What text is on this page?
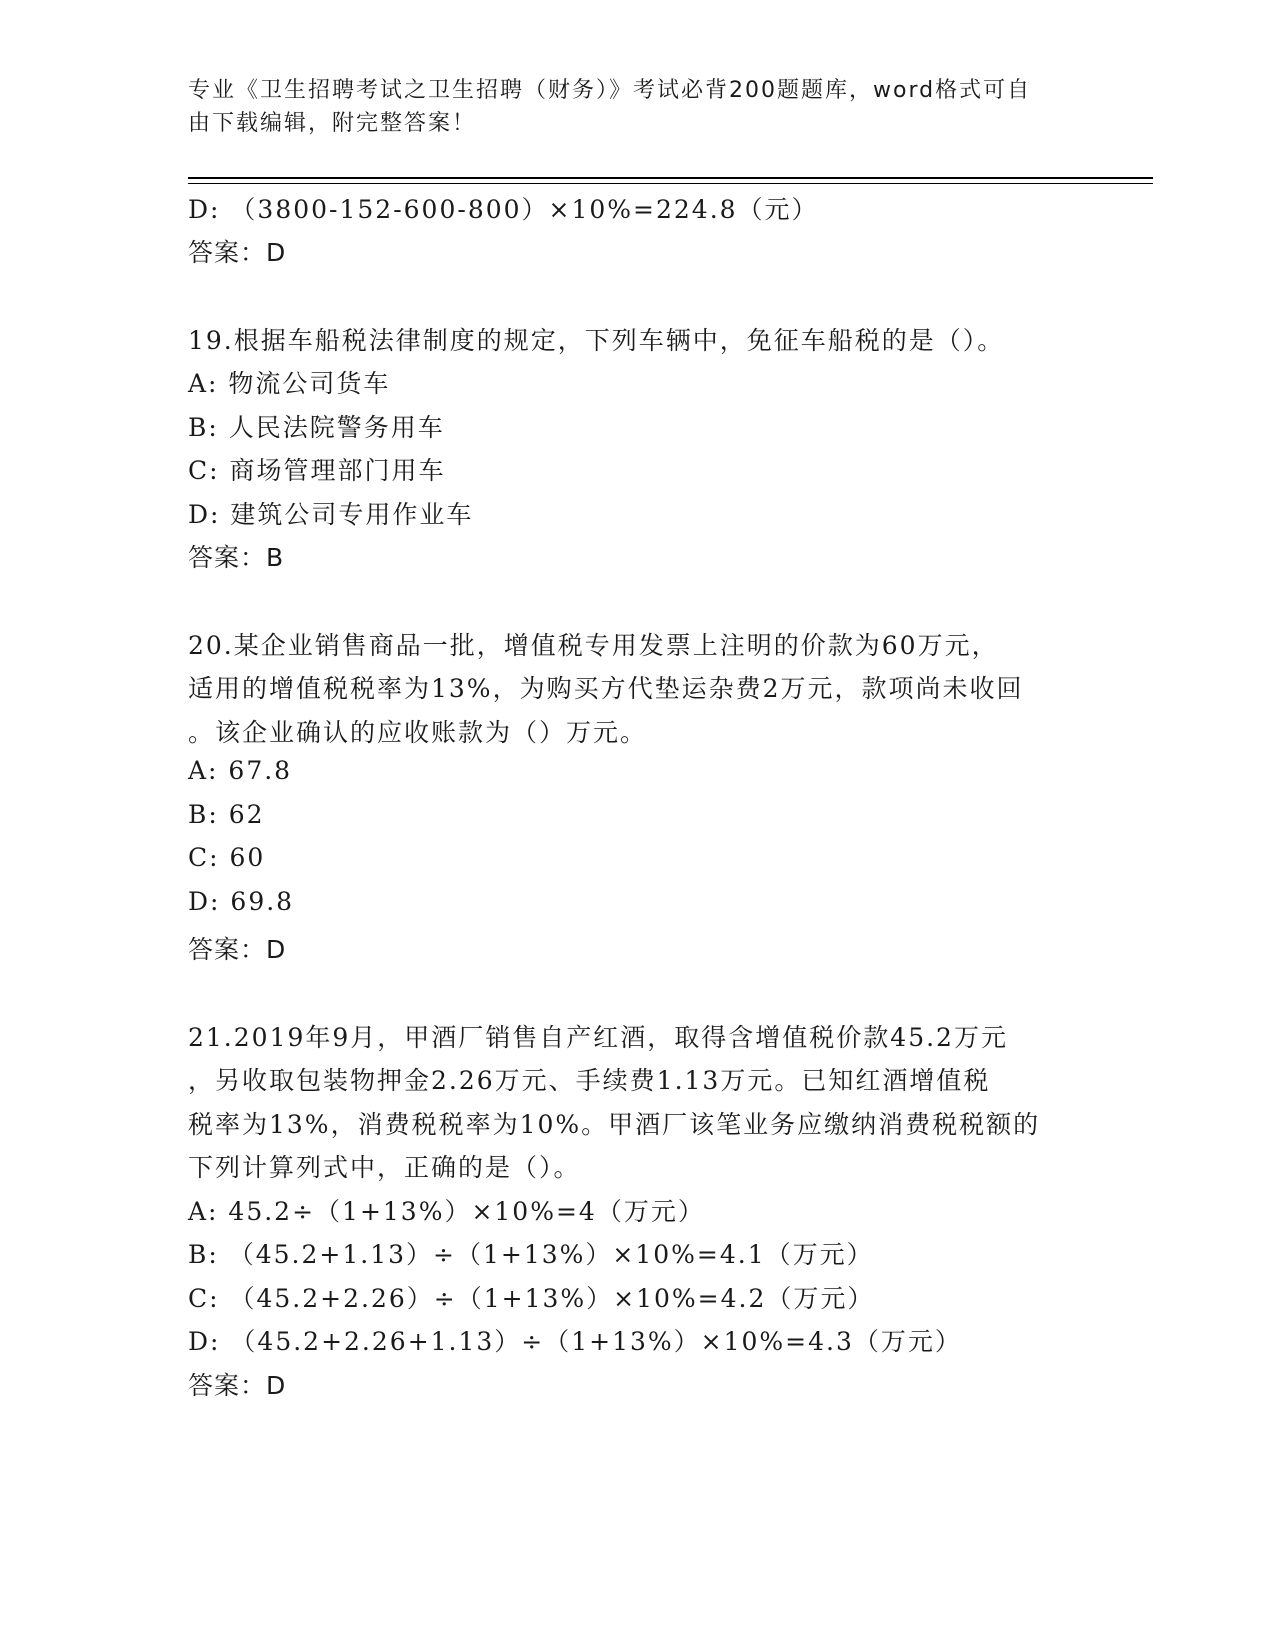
专业《卫生招聘考试之卫生招聘（财务）》考试必背200题题库，word格式可自
由下载编辑，附完整答案！
D: （3800-152-600-800）×10%=224.8（元）
答案：D
19.根据车船税法律制度的规定，下列车辆中，免征车船税的是（）。
A: 物流公司货车
B: 人民法院警务用车
C: 商场管理部门用车
D: 建筑公司专用作业车
答案：B
20.某企业销售商品一批，增值税专用发票上注明的价款为60万元，
适用的增值税税率为13%，为购买方代垫运杂费2万元，款项尚未收回
。该企业确认的应收账款为（）万元。
A: 67.8
B: 62
C: 60
D: 69.8
答案：D
21.2019年9月，甲酒厂销售自产红酒，取得含增值税价款45.2万元
，另收取包装物押金2.26万元、手续费1.13万元。已知红酒增值税
税率为13%，消费税税率为10%。甲酒厂该笔业务应缴纳消费税税额的
下列计算列式中，正确的是（）。
A: 45.2÷（1+13%）×10%=4（万元）
B: （45.2+1.13）÷（1+13%）×10%=4.1（万元）
C: （45.2+2.26）÷（1+13%）×10%=4.2（万元）
D: （45.2+2.26+1.13）÷（1+13%）×10%=4.3（万元）
答案：D
